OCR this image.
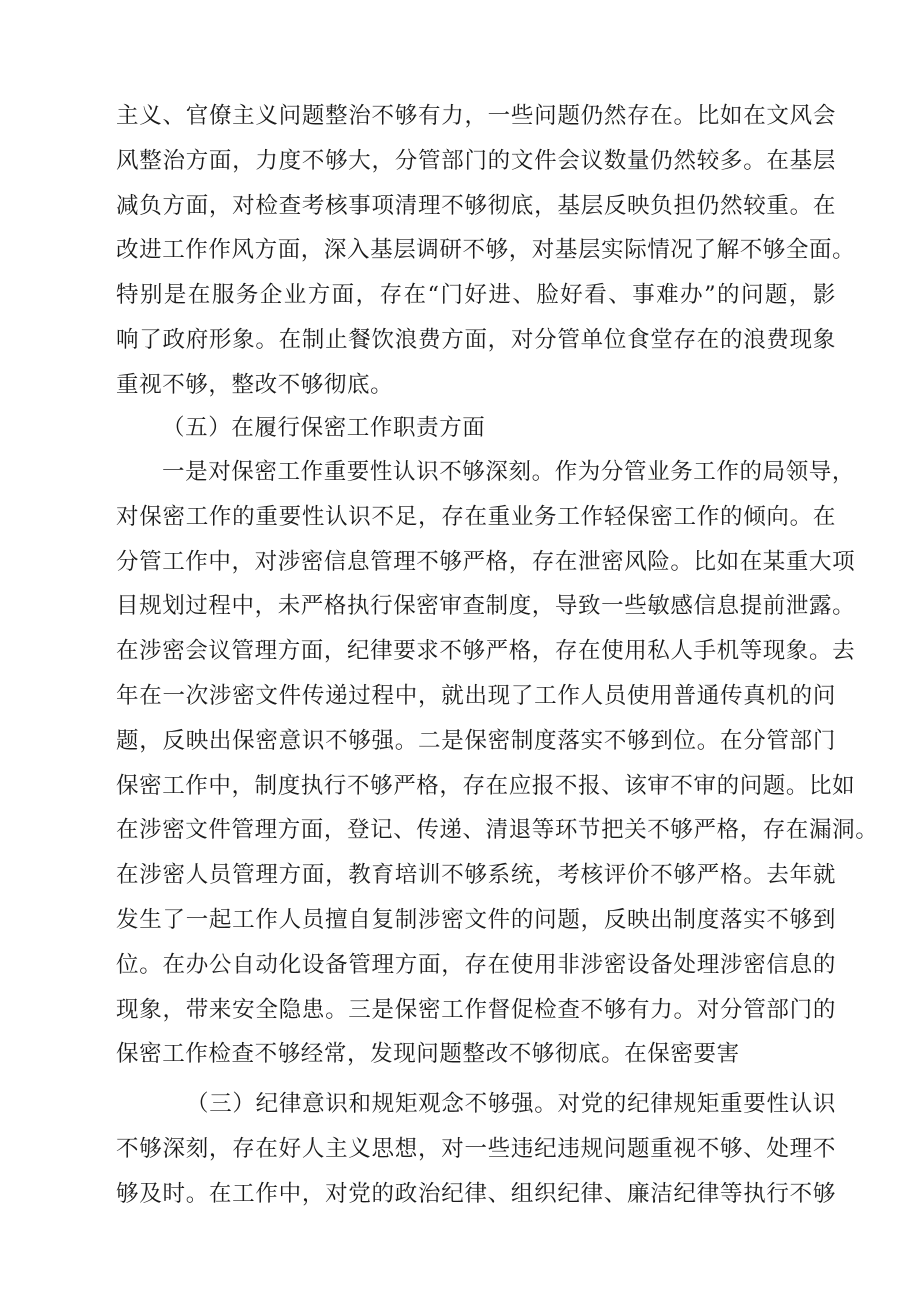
主义、官僚主义问题整治不够有力，一些问题仍然存在。比如在文风会
风整治方面，力度不够大，分管部门的文件会议数量仍然较多。在基层
减负方面，对检查考核事项清理不够彻底，基层反映负担仍然较重。在
改进工作作风方面，深入基层调研不够，对基层实际情况了解不够全面。
特别是在服务企业方面，存在“门好进、脸好看、事难办”的问题，影
响了政府形象。在制止餐饮浪费方面，对分管单位食堂存在的浪费现象
重视不够，整改不够彻底。
（五）在履行保密工作职责方面
一是对保密工作重要性认识不够深刻。作为分管业务工作的局领导，
对保密工作的重要性认识不足，存在重业务工作轻保密工作的倾向。在
分管工作中，对涉密信息管理不够严格，存在泄密风险。比如在某重大项
目规划过程中，未严格执行保密审查制度，导致一些敏感信息提前泄露。
在涉密会议管理方面，纪律要求不够严格，存在使用私人手机等现象。去
年在一次涉密文件传递过程中，就出现了工作人员使用普通传真机的问
题，反映出保密意识不够强。二是保密制度落实不够到位。在分管部门
保密工作中，制度执行不够严格，存在应报不报、该审不审的问题。比如
在涉密文件管理方面，登记、传递、清退等环节把关不够严格，存在漏洞。
在涉密人员管理方面，教育培训不够系统，考核评价不够严格。去年就
发生了一起工作人员擅自复制涉密文件的问题，反映出制度落实不够到
位。在办公自动化设备管理方面，存在使用非涉密设备处理涉密信息的
现象，带来安全隐患。三是保密工作督促检查不够有力。对分管部门的
保密工作检查不够经常，发现问题整改不够彻底。在保密要害
（三）纪律意识和规矩观念不够强。对党的纪律规矩重要性认识
不够深刻，存在好人主义思想，对一些违纪违规问题重视不够、处理不
够及时。在工作中，对党的政治纪律、组织纪律、廉洁纪律等执行不够
